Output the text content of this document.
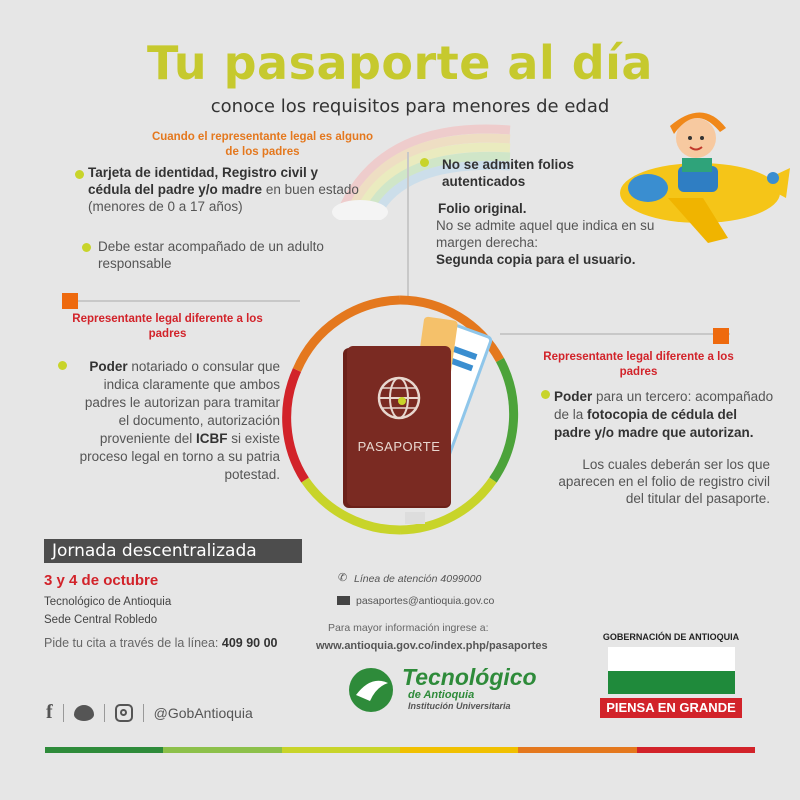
Tu pasaporte al día
conoce los requisitos para menores de edad
Cuando el representante legal es alguno de los padres
Tarjeta de identidad, Registro civil y cédula del padre y/o madre en buen estado (menores de 0 a 17 años)
Debe estar acompañado de un adulto responsable
No se admiten folios autenticados
Folio original.
No se admite aquel que indica en su margen derecha:
Segunda copia para el usuario.
Representante legal diferente a los padres
Poder notariado o consular que indica claramente que ambos padres le autorizan para tramitar el documento, autorización proveniente del ICBF si existe proceso legal en torno a su patria potestad.
Representante legal diferente a los padres
Poder para un tercero: acompañado de la fotocopia de cédula del padre y/o madre que autorizan.
Los cuales deberán ser los que aparecen en el folio de registro civil del titular del pasaporte.
PASAPORTE
Jornada descentralizada
3 y 4 de octubre
Tecnológico de Antioquia
Sede Central Robledo
Pide tu cita a través de la línea: 409 90 00
✆ Línea de atención 4099000
pasaportes@antioquia.gov.co
Para mayor información ingrese a:
www.antioquia.gov.co/index.php/pasaportes
Tecnológico
de Antioquia
Institución Universitaria
GOBERNACIÓN DE ANTIOQUIA
PIENSA EN GRANDE
f	@GobAntioquia
